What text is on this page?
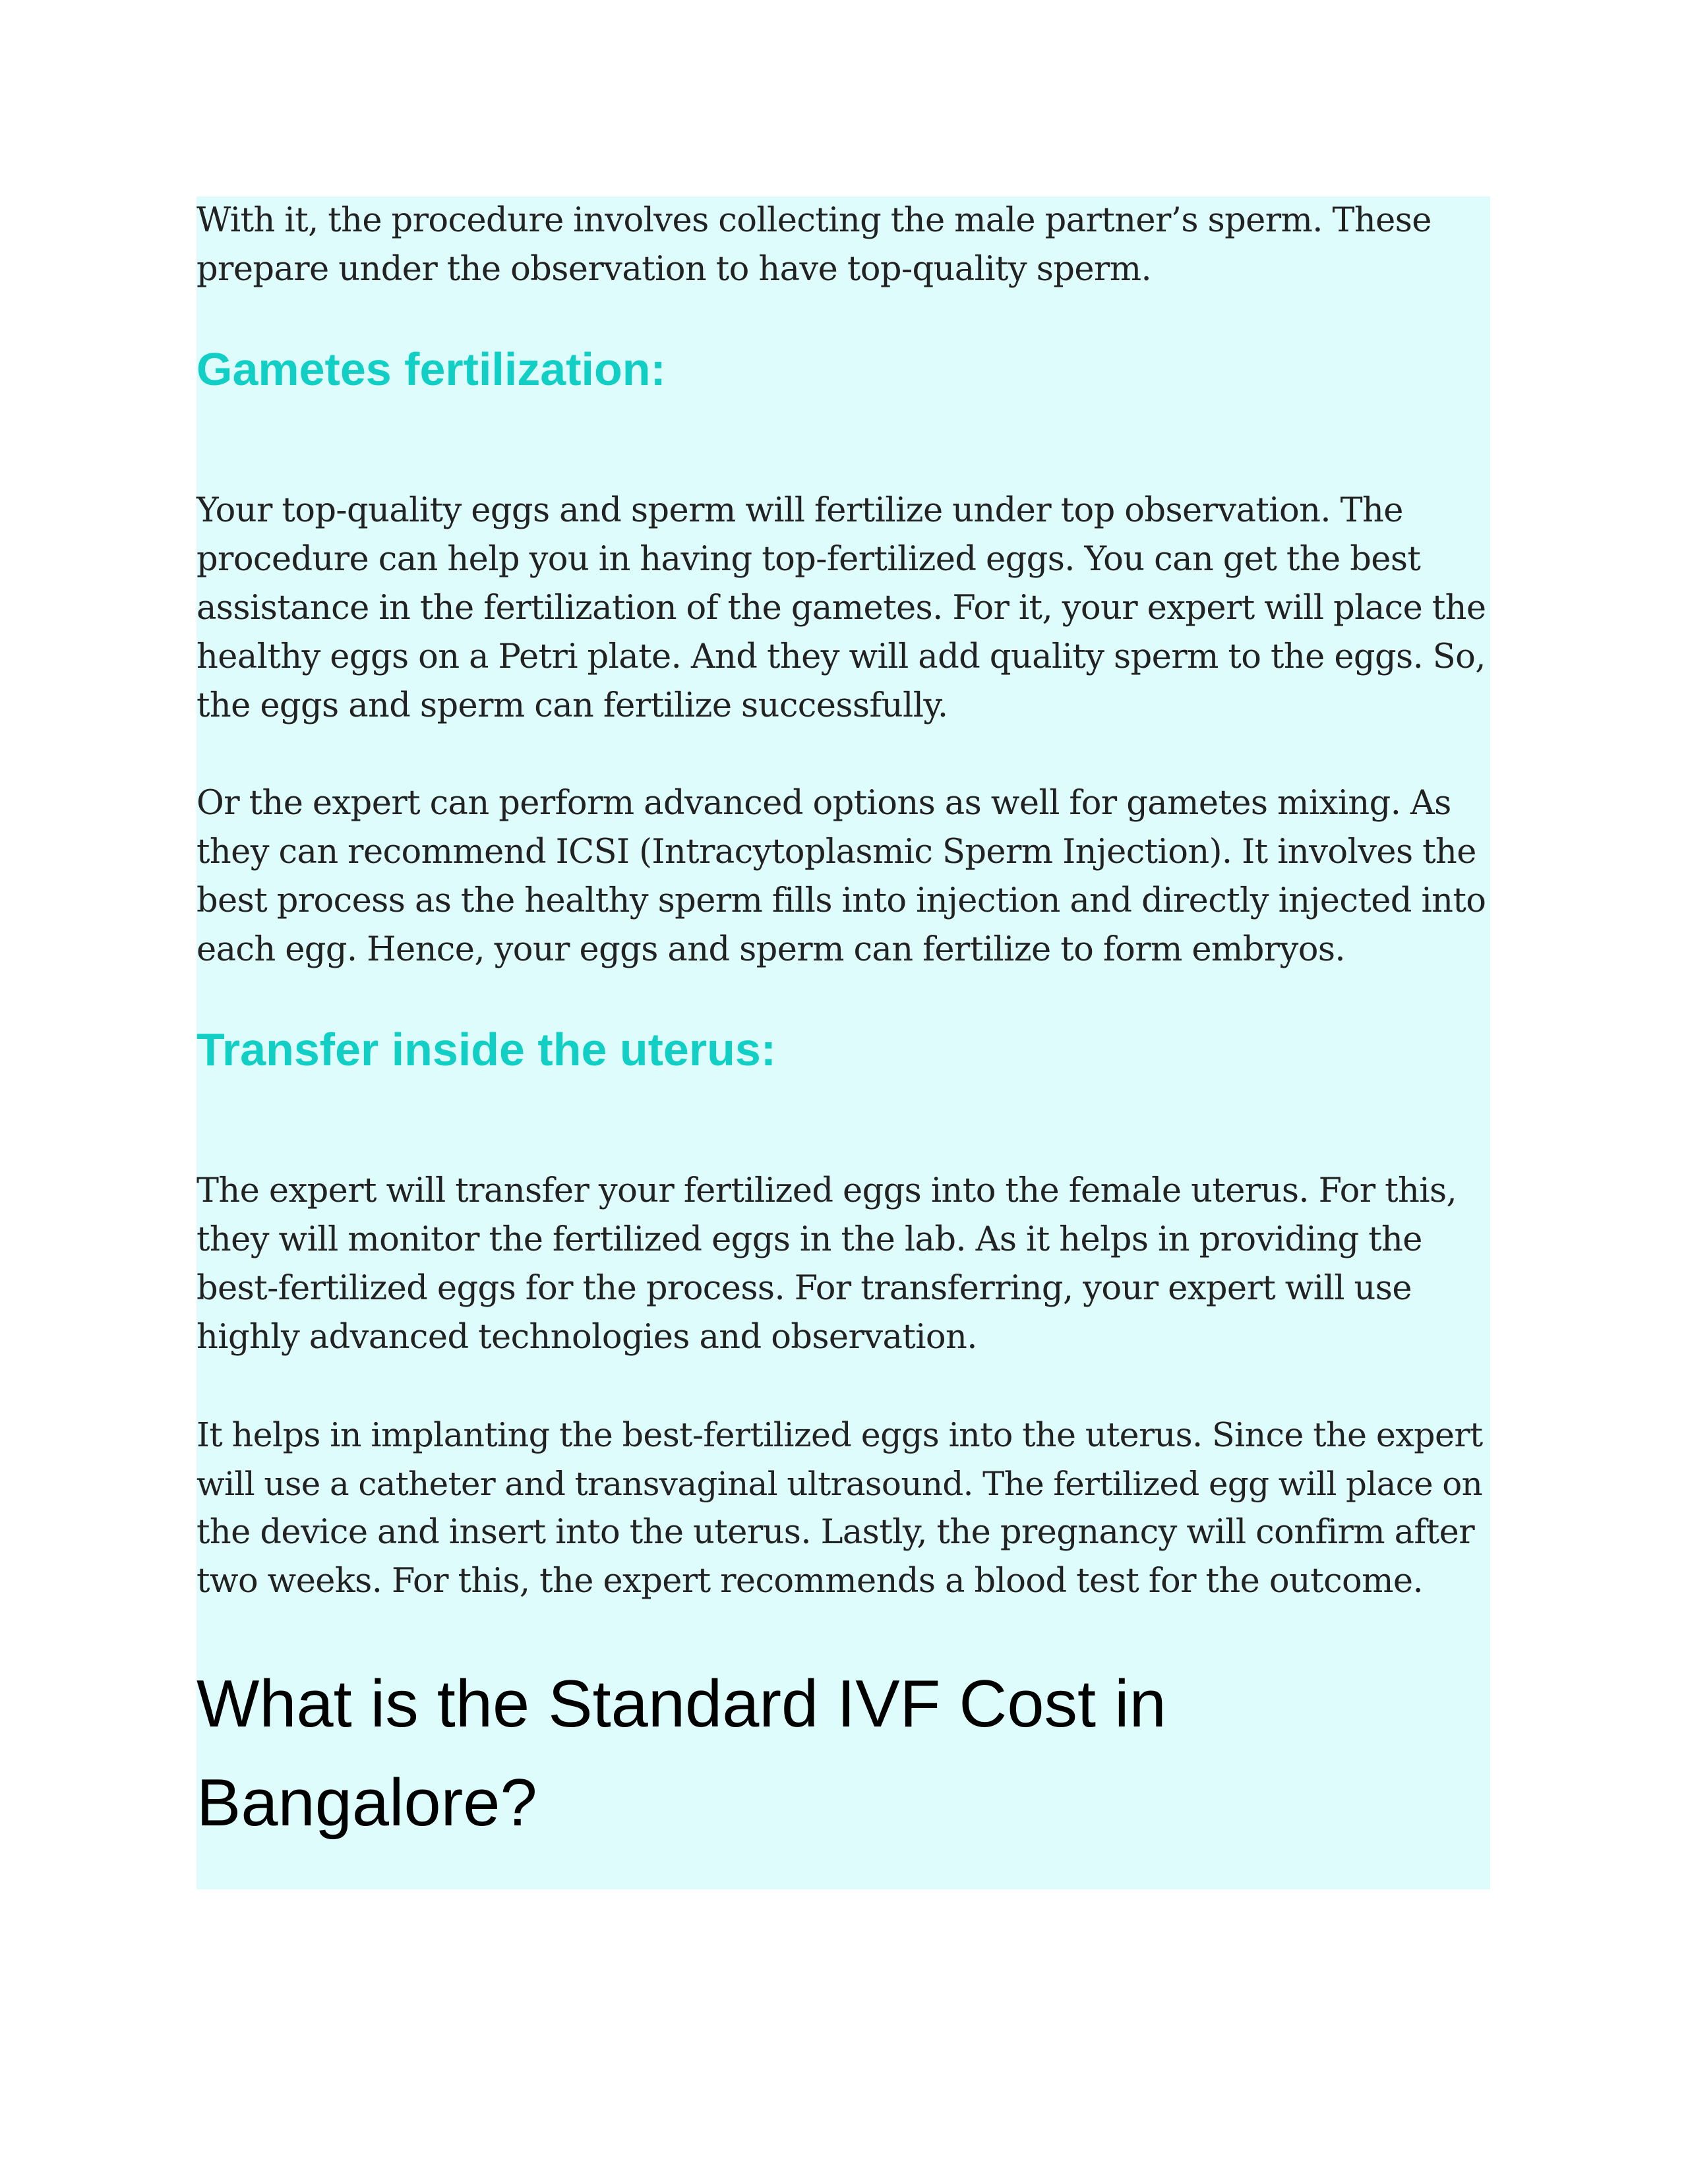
With it, the procedure involves collecting the male partner’s sperm. These
prepare under the observation to have top-quality sperm.

Gametes fertilization:

Your top-quality eggs and sperm will fertilize under top observation. The
procedure can help you in having top-fertilized eggs. You can get the best
assistance in the fertilization of the gametes. For it, your expert will place the
healthy eggs on a Petri plate. And they will add quality sperm to the eggs. So,
the eggs and sperm can fertilize successfully.

Or the expert can perform advanced options as well for gametes mixing. As
they can recommend ICSI (Intracytoplasmic Sperm Injection). It involves the
best process as the healthy sperm fills into injection and directly injected into
each egg. Hence, your eggs and sperm can fertilize to form embryos.

Transfer inside the uterus:

The expert will transfer your fertilized eggs into the female uterus. For this,
they will monitor the fertilized eggs in the lab. As it helps in providing the
best-fertilized eggs for the process. For transferring, your expert will use
highly advanced technologies and observation.

It helps in implanting the best-fertilized eggs into the uterus. Since the expert
will use a catheter and transvaginal ultrasound. The fertilized egg will place on
the device and insert into the uterus. Lastly, the pregnancy will confirm after
two weeks. For this, the expert recommends a blood test for the outcome.

What is the Standard IVF Cost in
Bangalore?
